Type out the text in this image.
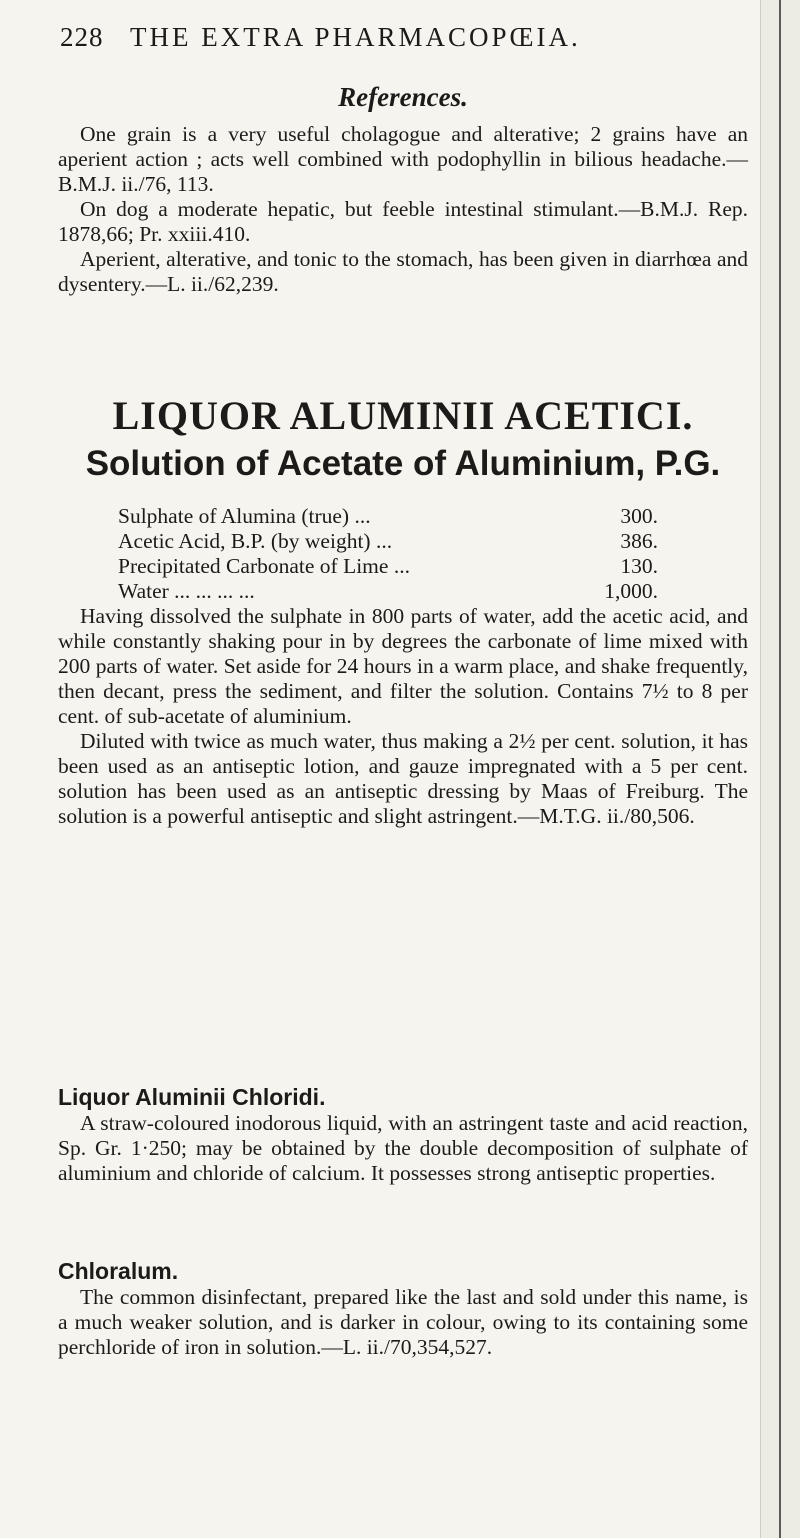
228 THE EXTRA PHARMACOPŒIA.
References.

One grain is a very useful cholagogue and alterative; 2 grains have an aperient action ; acts well combined with podophyllin in bilious headache.—B.M.J. ii./76, 113.

On dog a moderate hepatic, but feeble intestinal stimulant.—B.M.J. Rep. 1878,66; Pr. xxiii.410.

Aperient, alterative, and tonic to the stomach, has been given in diarrhœa and dysentery.—L. ii./62,239.

LIQUOR ALUMINII ACETICI.
Solution of Acetate of Aluminium, P.G.
Sulphate of Alumina (true) ...	300.
Acetic Acid, B.P. (by weight) ...	386.
Precipitated Carbonate of Lime ...	130.
Water ... ... ... ...	1,000.

Having dissolved the sulphate in 800 parts of water, add the acetic acid, and while constantly shaking pour in by degrees the carbonate of lime mixed with 200 parts of water. Set aside for 24 hours in a warm place, and shake frequently, then decant, press the sediment, and filter the solution. Contains 7½ to 8 per cent. of sub-acetate of aluminium.

Diluted with twice as much water, thus making a 2½ per cent. solution, it has been used as an antiseptic lotion, and gauze impregnated with a 5 per cent. solution has been used as an antiseptic dressing by Maas of Freiburg. The solution is a powerful antiseptic and slight astringent.—M.T.G. ii./80,506.

Liquor Aluminii Chloridi.

A straw-coloured inodorous liquid, with an astringent taste and acid reaction, Sp. Gr. 1·250; may be obtained by the double decomposition of sulphate of aluminium and chloride of calcium. It possesses strong antiseptic properties.

Chloralum.

The common disinfectant, prepared like the last and sold under this name, is a much weaker solution, and is darker in colour, owing to its containing some perchloride of iron in solution.—L. ii./70,354,527.
